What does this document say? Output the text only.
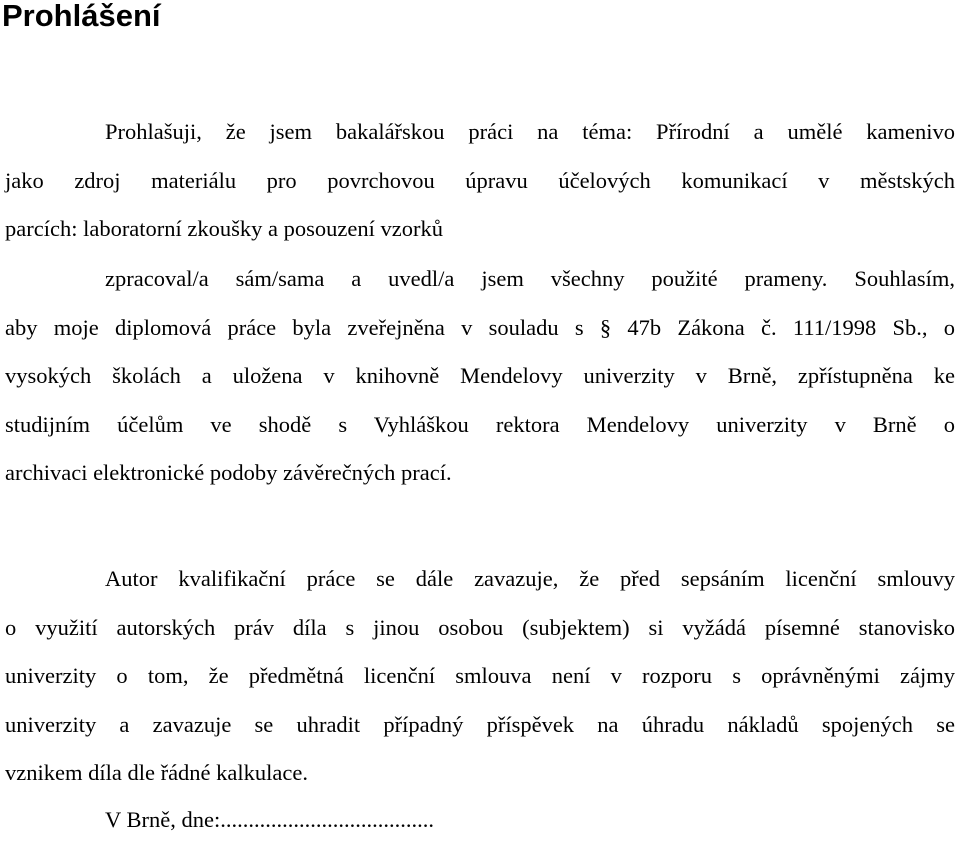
Prohlášení
Prohlašuji, že jsem bakalářskou práci na téma: Přírodní a umělé kamenivo
jako zdroj materiálu pro povrchovou úpravu účelových komunikací v městských
parcích: laboratorní zkoušky a posouzení vzorků
zpracoval/a sám/sama a uvedl/a jsem všechny použité prameny. Souhlasím,
aby moje diplomová práce byla zveřejněna v souladu s § 47b Zákona č. 111/1998 Sb., o
vysokých školách a uložena v knihovně Mendelovy univerzity v Brně, zpřístupněna ke
studijním účelům ve shodě s Vyhláškou rektora Mendelovy univerzity v Brně o
archivaci elektronické podoby závěrečných prací.
Autor kvalifikační práce se dále zavazuje, že před sepsáním licenční smlouvy
o využití autorských práv díla s jinou osobou (subjektem) si vyžádá písemné stanovisko
univerzity o tom, že předmětná licenční smlouva není v rozporu s oprávněnými zájmy
univerzity a zavazuje se uhradit případný příspěvek na úhradu nákladů spojených se
vznikem díla dle řádné kalkulace.

V Brně, dne:......................................
